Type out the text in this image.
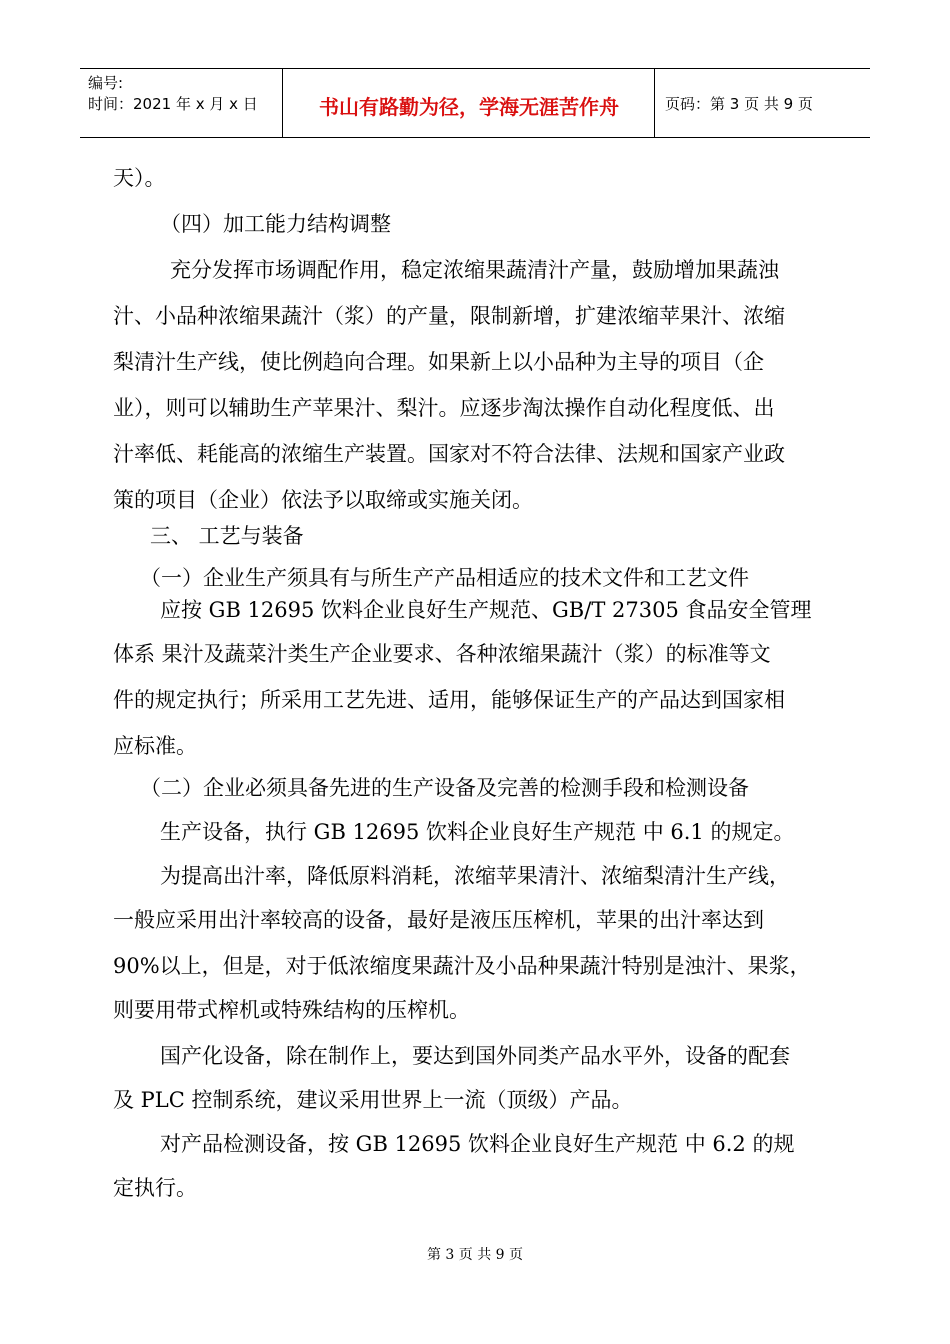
编号:
时间：2021 年 x 月 x 日	书山有路勤为径，学海无涯苦作舟	页码：第 3 页 共 9 页
天）。
（四）加工能力结构调整
充分发挥市场调配作用，稳定浓缩果蔬清汁产量，鼓励增加果蔬浊
汁、小品种浓缩果蔬汁（浆）的产量，限制新增，扩建浓缩苹果汁、浓缩
梨清汁生产线，使比例趋向合理。如果新上以小品种为主导的项目（企
业），则可以辅助生产苹果汁、梨汁。应逐步淘汰操作自动化程度低、出
汁率低、耗能高的浓缩生产装置。国家对不符合法律、法规和国家产业政
策的项目（企业）依法予以取缔或实施关闭。
三、 工艺与装备
（一）企业生产须具有与所生产产品相适应的技术文件和工艺文件
应按 GB 12695 饮料企业良好生产规范、GB/T 27305 食品安全管理
体系 果汁及蔬菜汁类生产企业要求、各种浓缩果蔬汁（浆）的标准等文
件的规定执行；所采用工艺先进、适用，能够保证生产的产品达到国家相
应标准。
（二）企业必须具备先进的生产设备及完善的检测手段和检测设备
生产设备，执行 GB 12695 饮料企业良好生产规范 中 6.1 的规定。
为提高出汁率，降低原料消耗，浓缩苹果清汁、浓缩梨清汁生产线，
一般应采用出汁率较高的设备，最好是液压压榨机，苹果的出汁率达到
90%以上，但是，对于低浓缩度果蔬汁及小品种果蔬汁特别是浊汁、果浆，
则要用带式榨机或特殊结构的压榨机。
国产化设备，除在制作上，要达到国外同类产品水平外，设备的配套
及 PLC 控制系统，建议采用世界上一流（顶级）产品。
对产品检测设备，按 GB 12695 饮料企业良好生产规范 中 6.2 的规
定执行。
第 3 页 共 9 页
